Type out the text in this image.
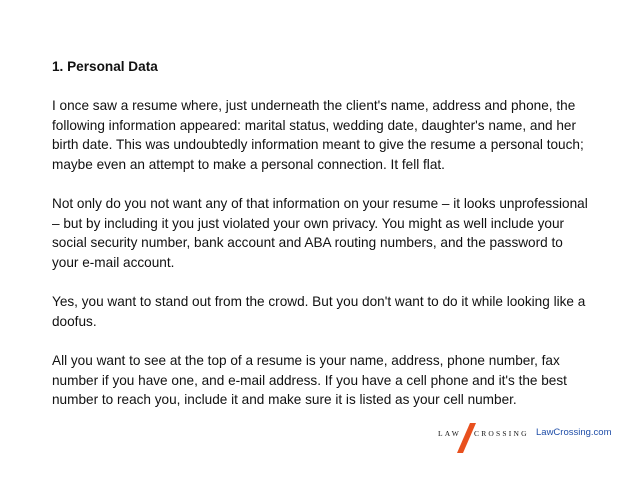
1. Personal Data

I once saw a resume where, just underneath the client's name, address and phone, the following information appeared: marital status, wedding date, daughter's name, and her birth date. This was undoubtedly information meant to give the resume a personal touch; maybe even an attempt to make a personal connection. It fell flat.

Not only do you not want any of that information on your resume – it looks unprofessional – but by including it you just violated your own privacy. You might as well include your social security number, bank account and ABA routing numbers, and the password to your e-mail account.

Yes, you want to stand out from the crowd. But you don't want to do it while looking like a doofus.

All you want to see at the top of a resume is your name, address, phone number, fax number if you have one, and e-mail address. If you have a cell phone and it's the best number to reach you, include it and make sure it is listed as your cell number.

LAW CROSSING LawCrossing.com
